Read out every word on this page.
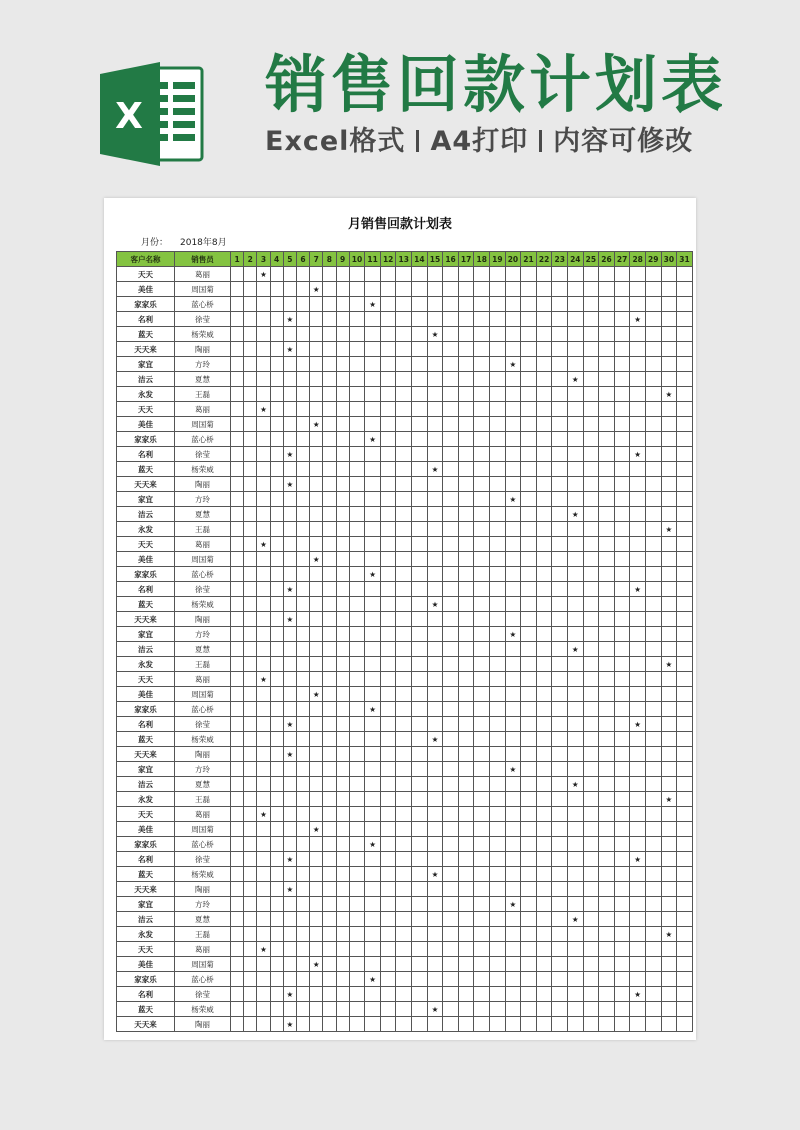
X 销售回款计划表
Excel格式 A4打印 内容可修改
月销售回款计划表
月份： 2018年8月
客户名称	销售员	1	2	3	4	5	6	7	8	9	10	11	12	13	14	15	16	17	18	19	20	21	22	23	24	25	26	27	28	29	30	31
天天	葛丽			★																												
美佳	周国菊							★																								
家家乐	蓝心桥											★																				
名利	徐莹					★																							★			
蓝天	杨荣威															★																
天天来	陶丽					★																										
家宜	方玲																				★											
洁云	夏慧																								★							
永发	王磊																														★	
天天	葛丽			★																												
美佳	周国菊							★																								
家家乐	蓝心桥											★																				
名利	徐莹					★																							★			
蓝天	杨荣威															★																
天天来	陶丽					★																										
家宜	方玲																				★											
洁云	夏慧																								★							
永发	王磊																														★	
天天	葛丽			★																												
美佳	周国菊							★																								
家家乐	蓝心桥											★																				
名利	徐莹					★																							★			
蓝天	杨荣威															★																
天天来	陶丽					★																										
家宜	方玲																				★											
洁云	夏慧																								★							
永发	王磊																														★	
天天	葛丽			★																												
美佳	周国菊							★																								
家家乐	蓝心桥											★																				
名利	徐莹					★																							★			
蓝天	杨荣威															★																
天天来	陶丽					★																										
家宜	方玲																				★											
洁云	夏慧																								★							
永发	王磊																														★	
天天	葛丽			★																												
美佳	周国菊							★																								
家家乐	蓝心桥											★																				
名利	徐莹					★																							★			
蓝天	杨荣威															★																
天天来	陶丽					★																										
家宜	方玲																				★											
洁云	夏慧																								★							
永发	王磊																														★	
天天	葛丽			★																												
美佳	周国菊							★																								
家家乐	蓝心桥											★																				
名利	徐莹					★																							★			
蓝天	杨荣威															★																
天天来	陶丽					★																										
